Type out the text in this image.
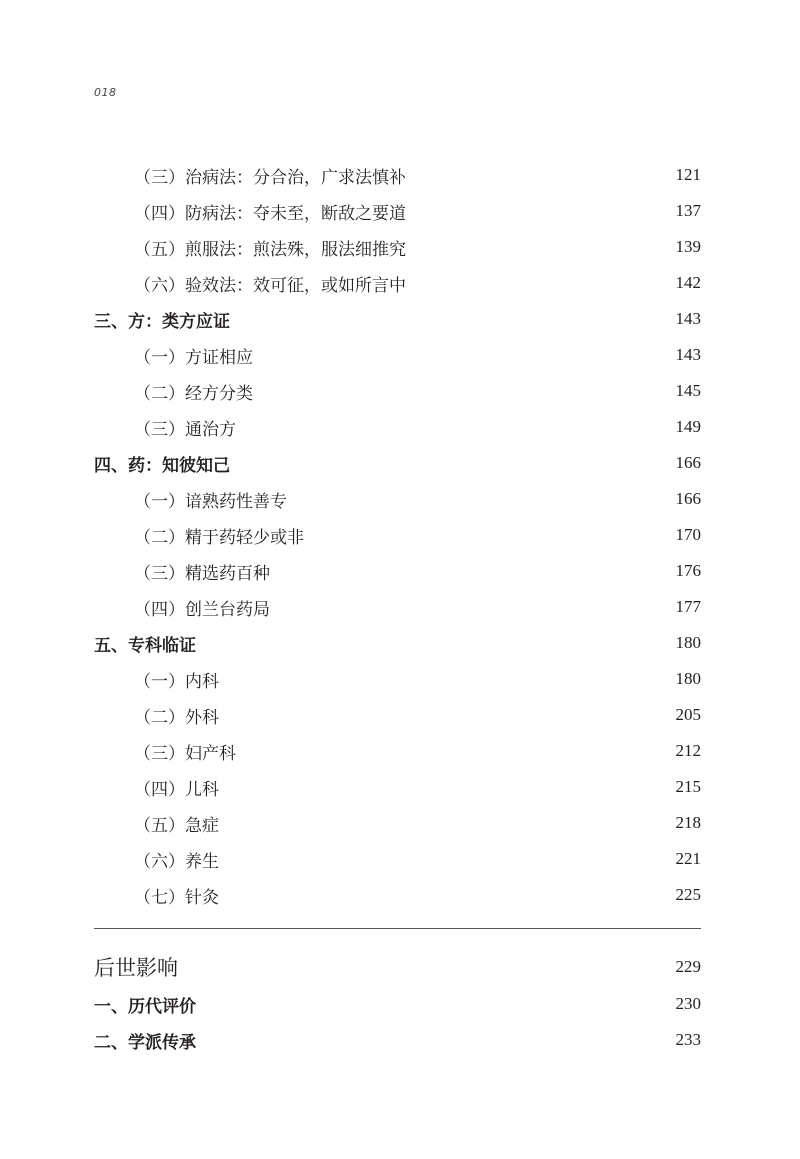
018
（三）治病法：分合治，广求法慎补	121
（四）防病法：夺未至，断敌之要道	137
（五）煎服法：煎法殊，服法细推究	139
（六）验效法：效可征，或如所言中	142
三、方：类方应证	143
（一）方证相应	143
（二）经方分类	145
（三）通治方	149
四、药：知彼知己	166
（一）谙熟药性善专	166
（二）精于药轻少或非	170
（三）精选药百种	176
（四）创兰台药局	177
五、专科临证	180
（一）内科	180
（二）外科	205
（三）妇产科	212
（四）儿科	215
（五）急症	218
（六）养生	221
（七）针灸	225
后世影响	229
一、历代评价	230
二、学派传承	233
